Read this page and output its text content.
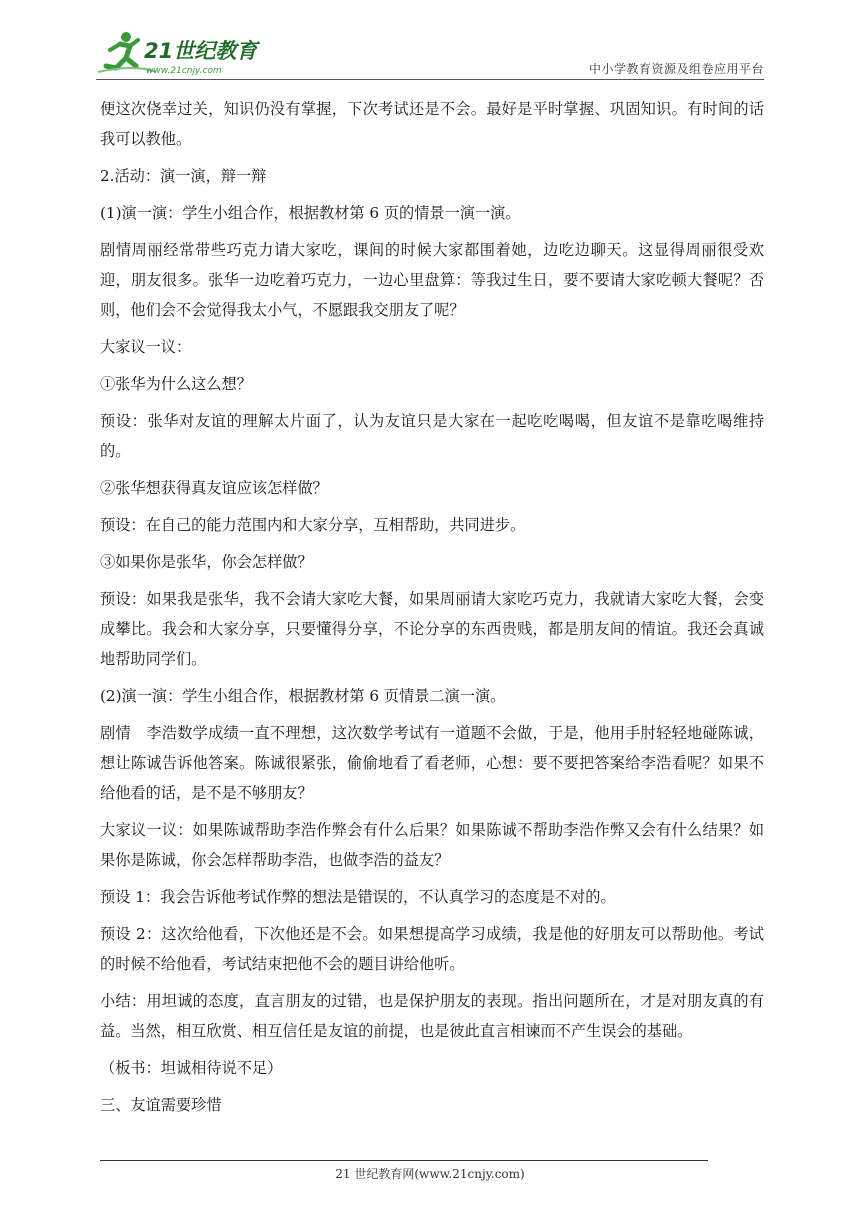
21世纪教育
www.21cnjy.com	中小学教育资源及组卷应用平台

便这次侥幸过关，知识仍没有掌握，下次考试还是不会。最好是平时掌握、巩固知识。有时间的话我可以教他。

2.活动：演一演，辩一辩

(1)演一演：学生小组合作，根据教材第 6 页的情景一演一演。

剧情周丽经常带些巧克力请大家吃，课间的时候大家都围着她，边吃边聊天。这显得周丽很受欢迎，朋友很多。张华一边吃着巧克力，一边心里盘算：等我过生日，要不要请大家吃顿大餐呢？否则，他们会不会觉得我太小气，不愿跟我交朋友了呢？

大家议一议：

①张华为什么这么想？

预设：张华对友谊的理解太片面了，认为友谊只是大家在一起吃吃喝喝，但友谊不是靠吃喝维持的。

②张华想获得真友谊应该怎样做？

预设：在自己的能力范围内和大家分享，互相帮助，共同进步。

③如果你是张华，你会怎样做？

预设：如果我是张华，我不会请大家吃大餐，如果周丽请大家吃巧克力，我就请大家吃大餐，会变成攀比。我会和大家分享，只要懂得分享，不论分享的东西贵贱，都是朋友间的情谊。我还会真诚地帮助同学们。

(2)演一演：学生小组合作，根据教材第 6 页情景二演一演。

剧情　李浩数学成绩一直不理想，这次数学考试有一道题不会做，于是，他用手肘轻轻地碰陈诚，想让陈诚告诉他答案。陈诚很紧张，偷偷地看了看老师，心想：要不要把答案给李浩看呢？如果不给他看的话，是不是不够朋友？

大家议一议：如果陈诚帮助李浩作弊会有什么后果？如果陈诚不帮助李浩作弊又会有什么结果？如果你是陈诚，你会怎样帮助李浩，也做李浩的益友？

预设 1：我会告诉他考试作弊的想法是错误的，不认真学习的态度是不对的。

预设 2：这次给他看，下次他还是不会。如果想提高学习成绩，我是他的好朋友可以帮助他。考试的时候不给他看，考试结束把他不会的题目讲给他听。

小结：用坦诚的态度，直言朋友的过错，也是保护朋友的表现。指出问题所在，才是对朋友真的有益。当然，相互欣赏、相互信任是友谊的前提，也是彼此直言相谏而不产生误会的基础。

（板书：坦诚相待说不足）

三、友谊需要珍惜

21 世纪教育网(www.21cnjy.com)
